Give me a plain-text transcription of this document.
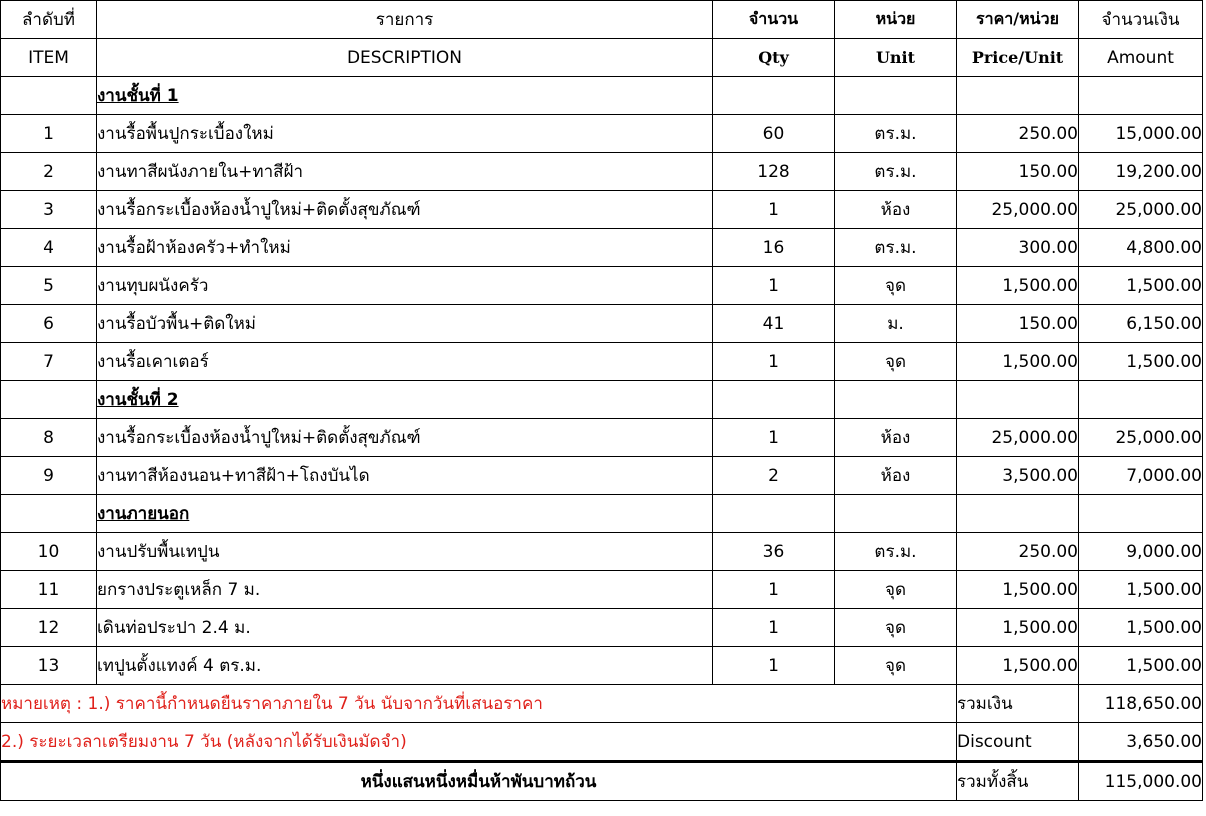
ลำดับที่	รายการ	จำนวน	หน่วย	ราคา/หน่วย	จำนวนเงิน
ITEM	DESCRIPTION	Qty	Unit	Price/Unit	Amount
	งานชั้นที่ 1				
1	งานรื้อพื้นปูกระเบื้องใหม่	60	ตร.ม.	250.00	15,000.00
2	งานทาสีผนังภายใน+ทาสีฝ้า	128	ตร.ม.	150.00	19,200.00
3	งานรื้อกระเบื้องห้องน้ำปูใหม่+ติดตั้งสุขภัณฑ์	1	ห้อง	25,000.00	25,000.00
4	งานรื้อฝ้าห้องครัว+ทำใหม่	16	ตร.ม.	300.00	4,800.00
5	งานทุบผนังครัว	1	จุด	1,500.00	1,500.00
6	งานรื้อบัวพื้น+ติดใหม่	41	ม.	150.00	6,150.00
7	งานรื้อเคาเตอร์	1	จุด	1,500.00	1,500.00
	งานชั้นที่ 2				
8	งานรื้อกระเบื้องห้องน้ำปูใหม่+ติดตั้งสุขภัณฑ์	1	ห้อง	25,000.00	25,000.00
9	งานทาสีห้องนอน+ทาสีฝ้า+โถงบันได	2	ห้อง	3,500.00	7,000.00
	งานภายนอก				
10	งานปรับพื้นเทปูน	36	ตร.ม.	250.00	9,000.00
11	ยกรางประตูเหล็ก 7 ม.	1	จุด	1,500.00	1,500.00
12	เดินท่อประปา 2.4 ม.	1	จุด	1,500.00	1,500.00
13	เทปูนตั้งแทงค์ 4 ตร.ม.	1	จุด	1,500.00	1,500.00
หมายเหตุ : 1.) ราคานี้กำหนดยืนราคาภายใน 7 วัน นับจากวันที่เสนอราคา				รวมเงิน	118,650.00
2.) ระยะเวลาเตรียมงาน 7 วัน (หลังจากได้รับเงินมัดจำ)				Discount	3,650.00
หนึ่งแสนหนึ่งหมื่นห้าพันบาทถ้วน				รวมทั้งสิ้น	115,000.00
